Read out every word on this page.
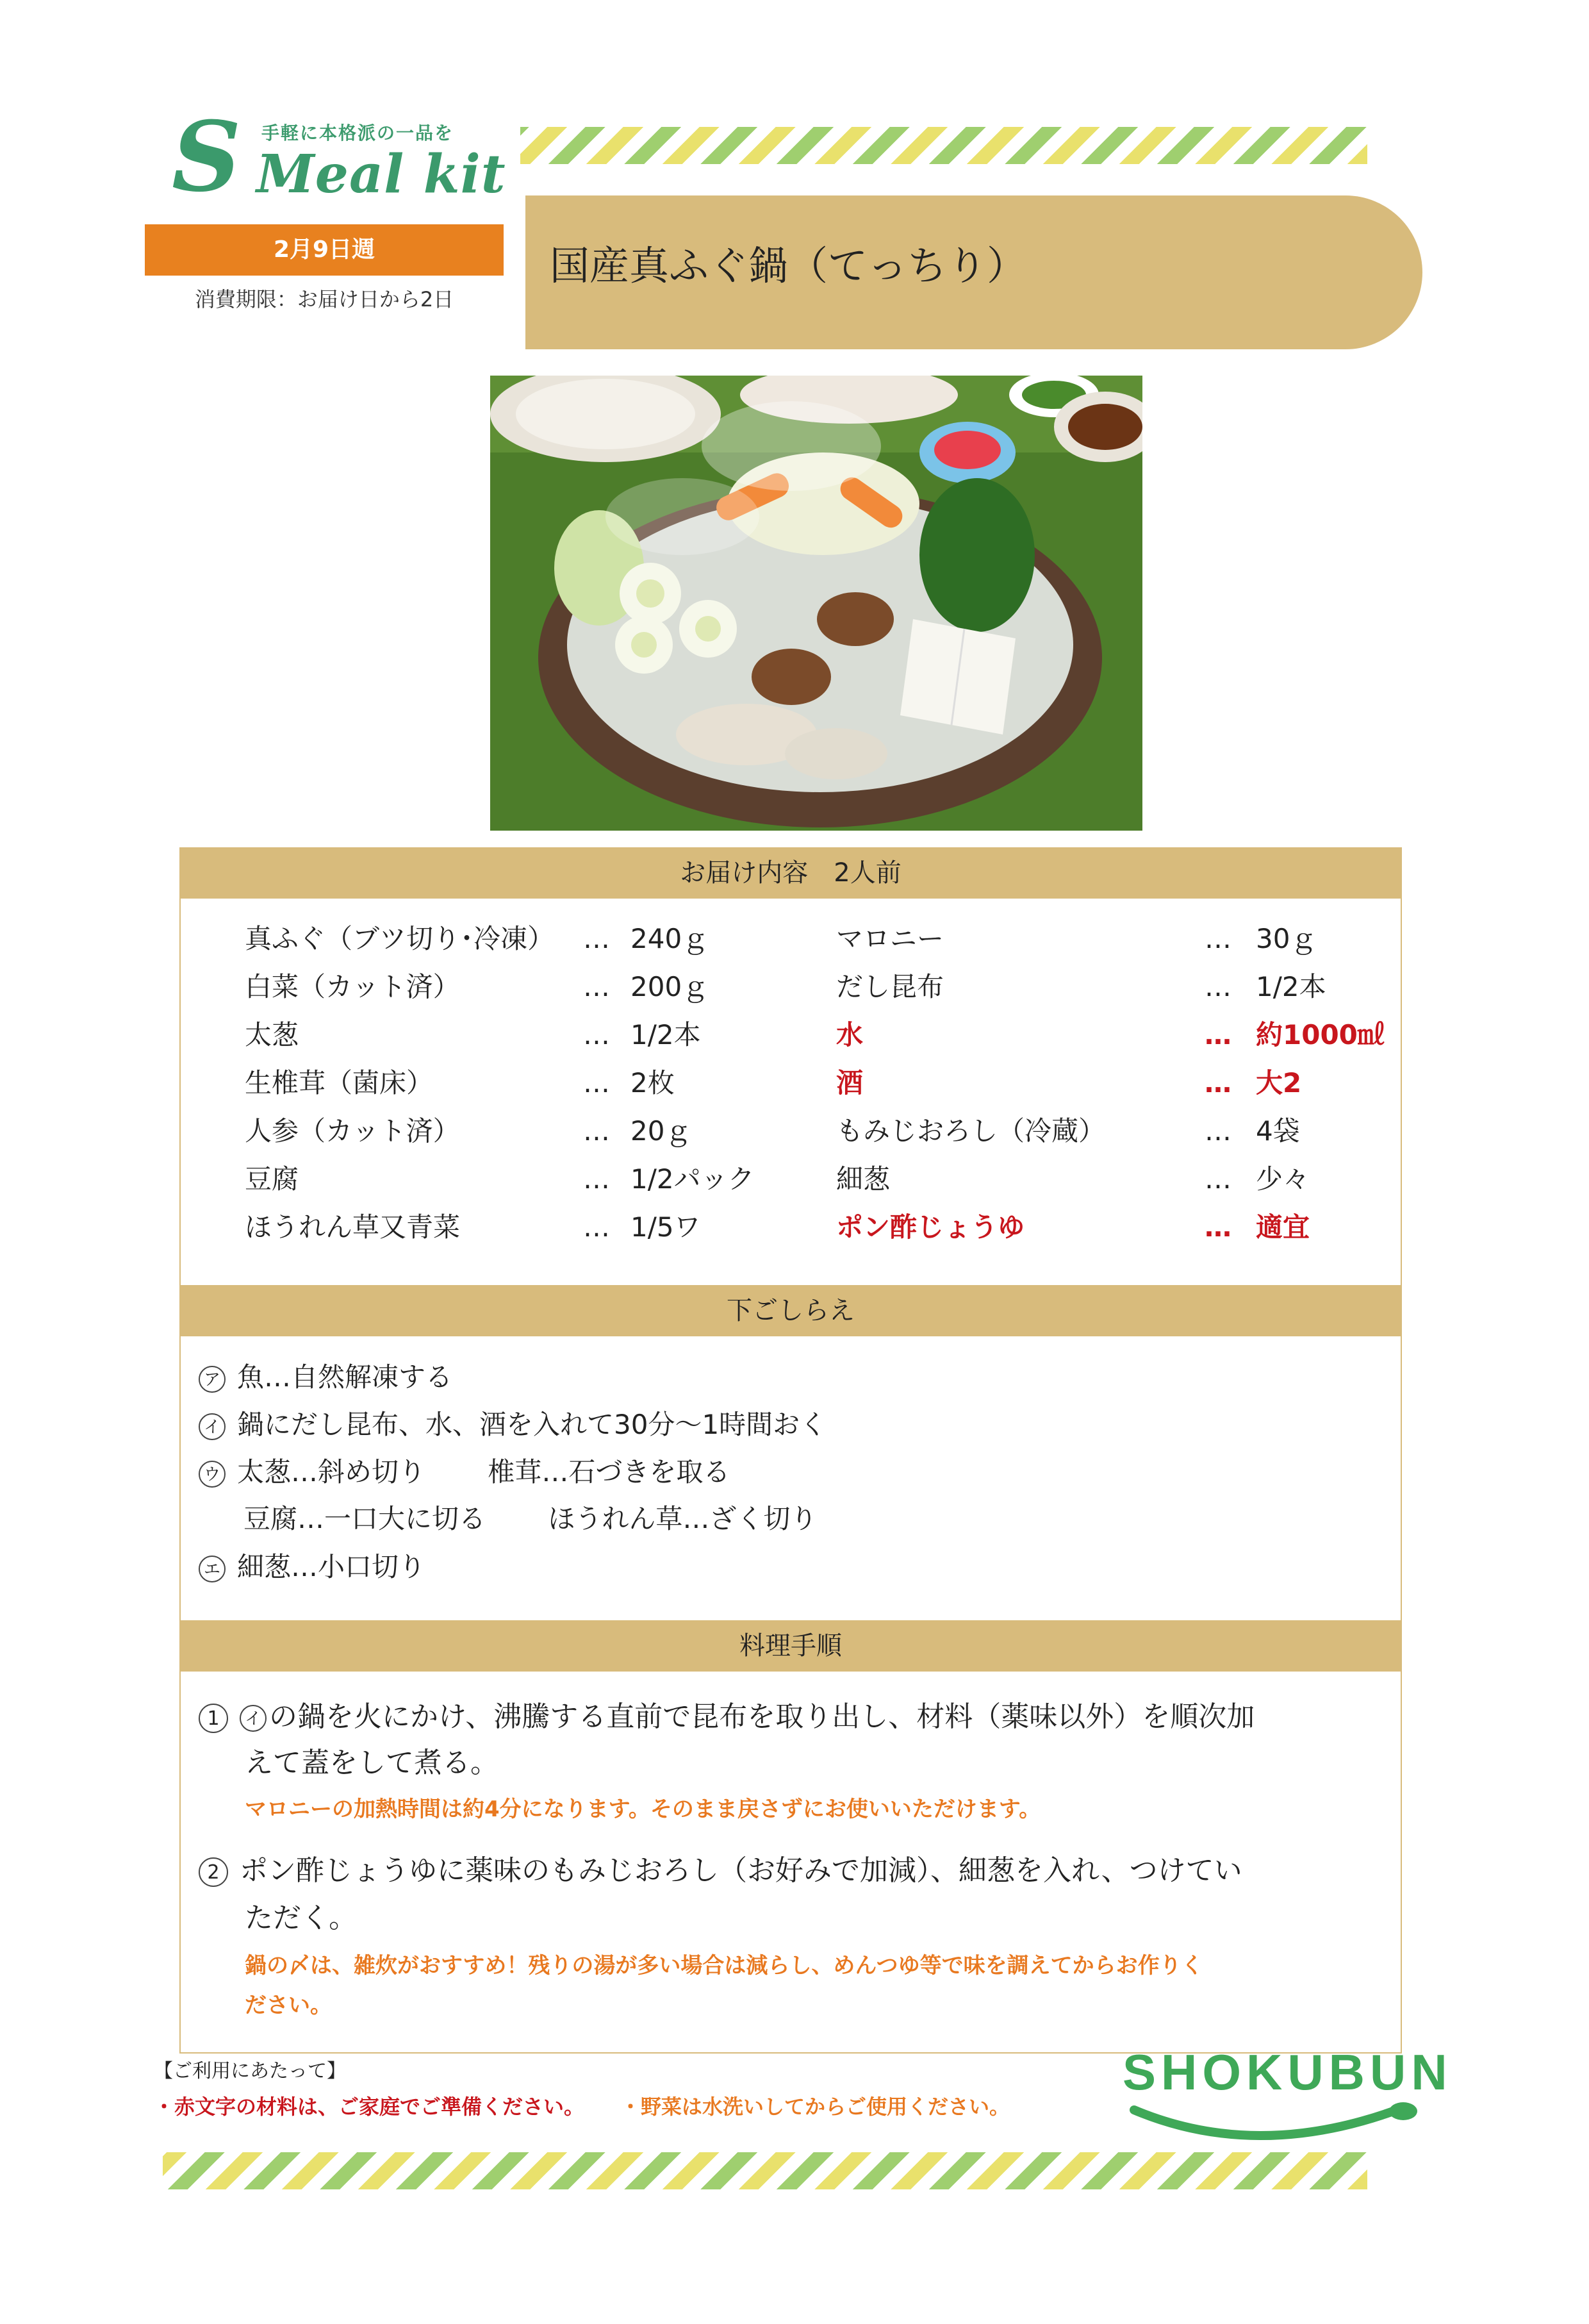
S 手軽に本格派の一品を
Meal kit
2月9日週
消費期限：お届け日から2日
国産真ふぐ鍋（てっちり）
お届け内容　2人前
真ふぐ（ブツ切り･冷凍） … 240ｇ
白菜（カット済）	… 200ｇ
太葱	… 1/2本
生椎茸（菌床）	… 2枚
人参（カット済）	… 20ｇ
豆腐	… 1/2パック
ほうれん草又青菜	… 1/5ワ
マロニー	… 30ｇ
だし昆布	… 1/2本
水	… 約1000㎖
酒	… 大2
もみじおろし（冷蔵）	… 4袋
細葱	… 少々
ポン酢じょうゆ	… 適宜
下ごしらえ
ア 魚…自然解凍する
イ 鍋にだし昆布、水、酒を入れて30分～1時間おく
ウ 太葱…斜め切り　　 椎茸…石づきを取る
豆腐…一口大に切る　　 ほうれん草…ざく切り
エ 細葱…小口切り
料理手順
1 イ の鍋を火にかけ、沸騰する直前で昆布を取り出し、材料（薬味以外）を順次加
えて蓋をして煮る。
マロニーの加熱時間は約4分になります。そのまま戻さずにお使いいただけます。
2 ポン酢じょうゆに薬味のもみじおろし（お好みで加減）、細葱を入れ、つけてい
ただく。
鍋の〆は、雑炊がおすすめ！残りの湯が多い場合は減らし、めんつゆ等で味を調えてからお作りく
ださい。
【ご利用にあたって】
・赤文字の材料は、ご家庭でご準備ください。 ・野菜は水洗いしてからご使用ください。
SHOKUBUN
